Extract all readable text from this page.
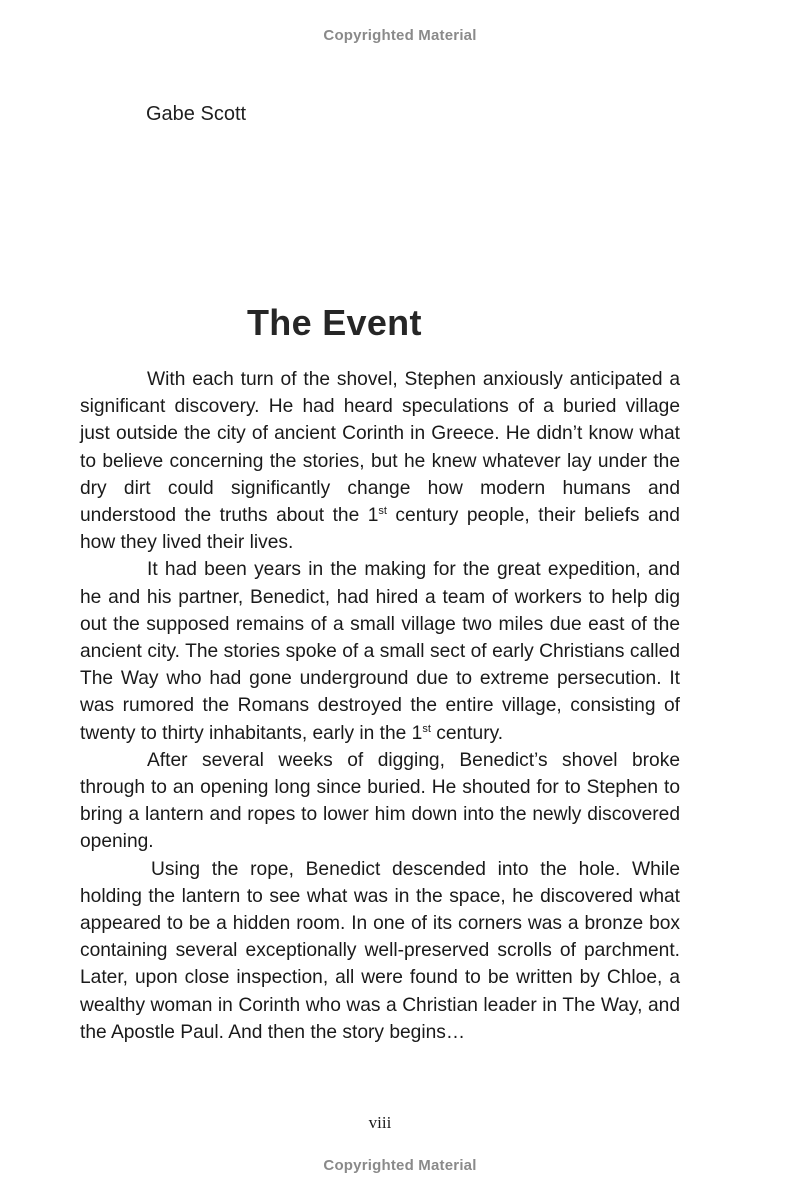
Copyrighted Material
Gabe Scott
The Event

With each turn of the shovel, Stephen anxiously anticipated a significant discovery. He had heard speculations of a buried village just outside the city of ancient Corinth in Greece. He didn’t know what to believe concerning the stories, but he knew whatever lay under the dry dirt could significantly change how modern humans and understood the truths about the 1st century people, their beliefs and how they lived their lives.

It had been years in the making for the great expedition, and he and his partner, Benedict, had hired a team of workers to help dig out the supposed remains of a small village two miles due east of the ancient city. The stories spoke of a small sect of early Christians called The Way who had gone underground due to extreme persecution. It was rumored the Romans destroyed the entire village, consisting of twenty to thirty inhabitants, early in the 1st century.

After several weeks of digging, Benedict’s shovel broke through to an opening long since buried. He shouted for to Stephen to bring a lantern and ropes to lower him down into the newly discovered opening.

Using the rope, Benedict descended into the hole. While holding the lantern to see what was in the space, he discovered what appeared to be a hidden room. In one of its corners was a bronze box containing several exceptionally well-preserved scrolls of parchment. Later, upon close inspection, all were found to be written by Chloe, a wealthy woman in Corinth who was a Christian leader in The Way, and the Apostle Paul. And then the story begins…

viii
Copyrighted Material
